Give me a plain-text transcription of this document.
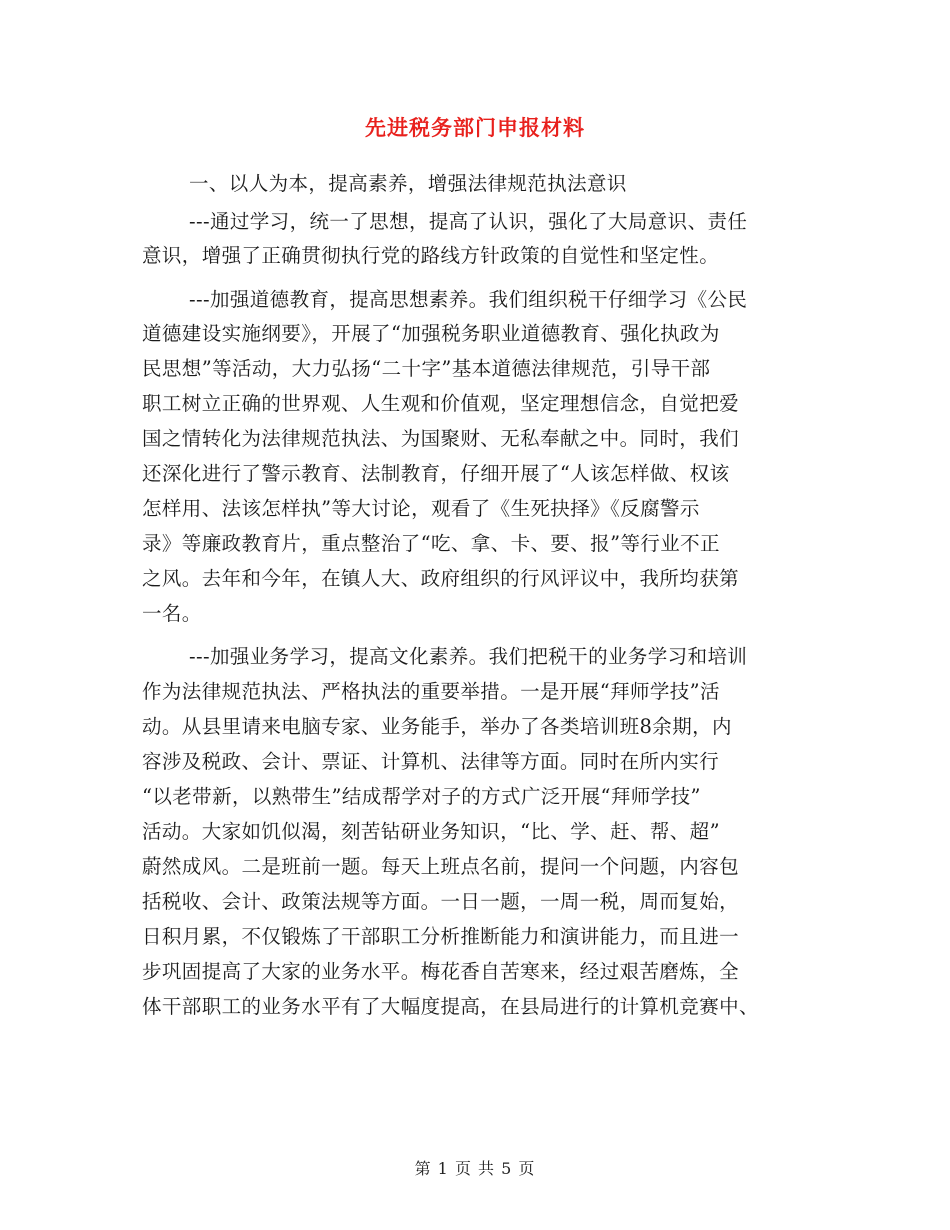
先进税务部门申报材料

一、以人为本，提高素养，增强法律规范执法意识

---通过学习，统一了思想，提高了认识，强化了大局意识、责任

意识，增强了正确贯彻执行党的路线方针政策的自觉性和坚定性。

---加强道德教育，提高思想素养。我们组织税干仔细学习《公民

道德建设实施纲要》，开展了“加强税务职业道德教育、强化执政为

民思想”等活动，大力弘扬“二十字”基本道德法律规范，引导干部

职工树立正确的世界观、人生观和价值观，坚定理想信念，自觉把爱

国之情转化为法律规范执法、为国聚财、无私奉献之中。同时，我们

还深化进行了警示教育、法制教育，仔细开展了“人该怎样做、权该

怎样用、法该怎样执”等大讨论，观看了《生死抉择》《反腐警示

录》等廉政教育片，重点整治了“吃、拿、卡、要、报”等行业不正

之风。去年和今年，在镇人大、政府组织的行风评议中，我所均获第

一名。

---加强业务学习，提高文化素养。我们把税干的业务学习和培训

作为法律规范执法、严格执法的重要举措。一是开展“拜师学技”活

动。从县里请来电脑专家、业务能手，举办了各类培训班8余期，内

容涉及税政、会计、票证、计算机、法律等方面。同时在所内实行

“以老带新，以熟带生”结成帮学对子的方式广泛开展“拜师学技”

活动。大家如饥似渴，刻苦钻研业务知识，“比、学、赶、帮、超”

蔚然成风。二是班前一题。每天上班点名前，提问一个问题，内容包

括税收、会计、政策法规等方面。一日一题，一周一税，周而复始，

日积月累，不仅锻炼了干部职工分析推断能力和演讲能力，而且进一

步巩固提高了大家的业务水平。梅花香自苦寒来，经过艰苦磨炼，全

体干部职工的业务水平有了大幅度提高，在县局进行的计算机竞赛中、

第 1 页 共 5 页
